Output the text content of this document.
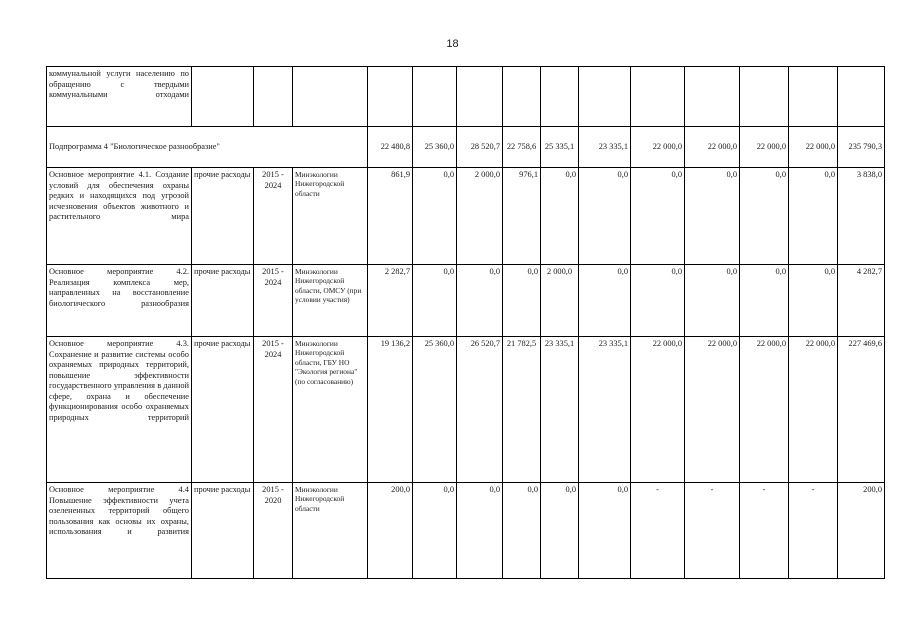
18
коммунальной услуги населению по обращению с твердыми коммунальными отходами														
Подпрограмма 4 "Биологическое разнообразие"				22 480,8	25 360,0	28 520,7	22 758,6	25 335,1	23 335,1	22 000,0	22 000,0	22 000,0	22 000,0	235 790,3
Основное мероприятие 4.1. Создание условий для обеспечения охраны редких и находящихся под угрозой исчезновения объектов животного и растительного мира	прочие расходы	2015 - 2024	Минэкологии Нижегородской области	861,9	0,0	2 000,0	976,1	0,0	0,0	0,0	0,0	0,0	0,0	3 838,0
Основное мероприятие 4.2. Реализация комплекса мер, направленных на восстановление биологического разнообразия	прочие расходы	2015 - 2024	Минэкологии Нижегородской области, ОМСУ (при условии участия)	2 282,7	0,0	0,0	0,0	2 000,0	0,0	0,0	0,0	0,0	0,0	4 282,7
Основное мероприятие 4.3. Сохранение и развитие системы особо охраняемых природных территорий, повышение эффективности государственного управления в данной сфере, охрана и обеспечение функционирования особо охраняемых природных территорий	прочие расходы	2015 - 2024	Минэкологии Нижегородской области, ГБУ НО "Экология региона" (по согласованию)	19 136,2	25 360,0	26 520,7	21 782,5	23 335,1	23 335,1	22 000,0	22 000,0	22 000,0	22 000,0	227 469,6
Основное мероприятие 4.4 Повышение эффективности учета озелененных территорий общего пользования как основы их охраны, использования и развития	прочие расходы	2015 - 2020	Минэкологии Нижегородской области	200,0	0,0	0,0	0,0	0,0	0,0	-	-	-	-	200,0
